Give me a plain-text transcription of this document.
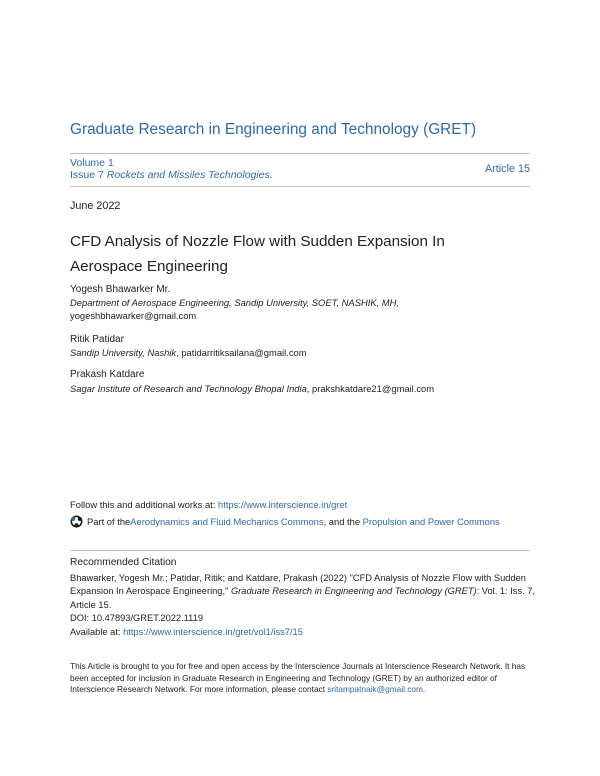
Graduate Research in Engineering and Technology (GRET)
Volume 1
Issue 7 Rockets and Missiles Technologies.	Article 15
June 2022
CFD Analysis of Nozzle Flow with Sudden Expansion In Aerospace Engineering
Yogesh Bhawarker Mr.
Department of Aerospace Engineering, Sandip University, SOET, NASHIK, MH,
yogeshbhawarker@gmail.com
Ritik Patidar
Sandip University, Nashik, patidarritiksailana@gmail.com
Prakash Katdare
Sagar Institute of Research and Technology Bhopal India, prakshkatdare21@gmail.com
Follow this and additional works at: https://www.interscience.in/gret
Part of the Aerodynamics and Fluid Mechanics Commons , and the Propulsion and Power Commons
Recommended Citation
Bhawarker, Yogesh Mr.; Patidar, Ritik; and Katdare, Prakash (2022) "CFD Analysis of Nozzle Flow with Sudden Expansion In Aerospace Engineering," Graduate Research in Engineering and Technology (GRET): Vol. 1: Iss. 7, Article 15.
DOI: 10.47893/GRET.2022.1119
Available at: https://www.interscience.in/gret/vol1/iss7/15
This Article is brought to you for free and open access by the Interscience Journals at Interscience Research Network. It has been accepted for inclusion in Graduate Research in Engineering and Technology (GRET) by an authorized editor of Interscience Research Network. For more information, please contact sritampatnaik@gmail.com.
